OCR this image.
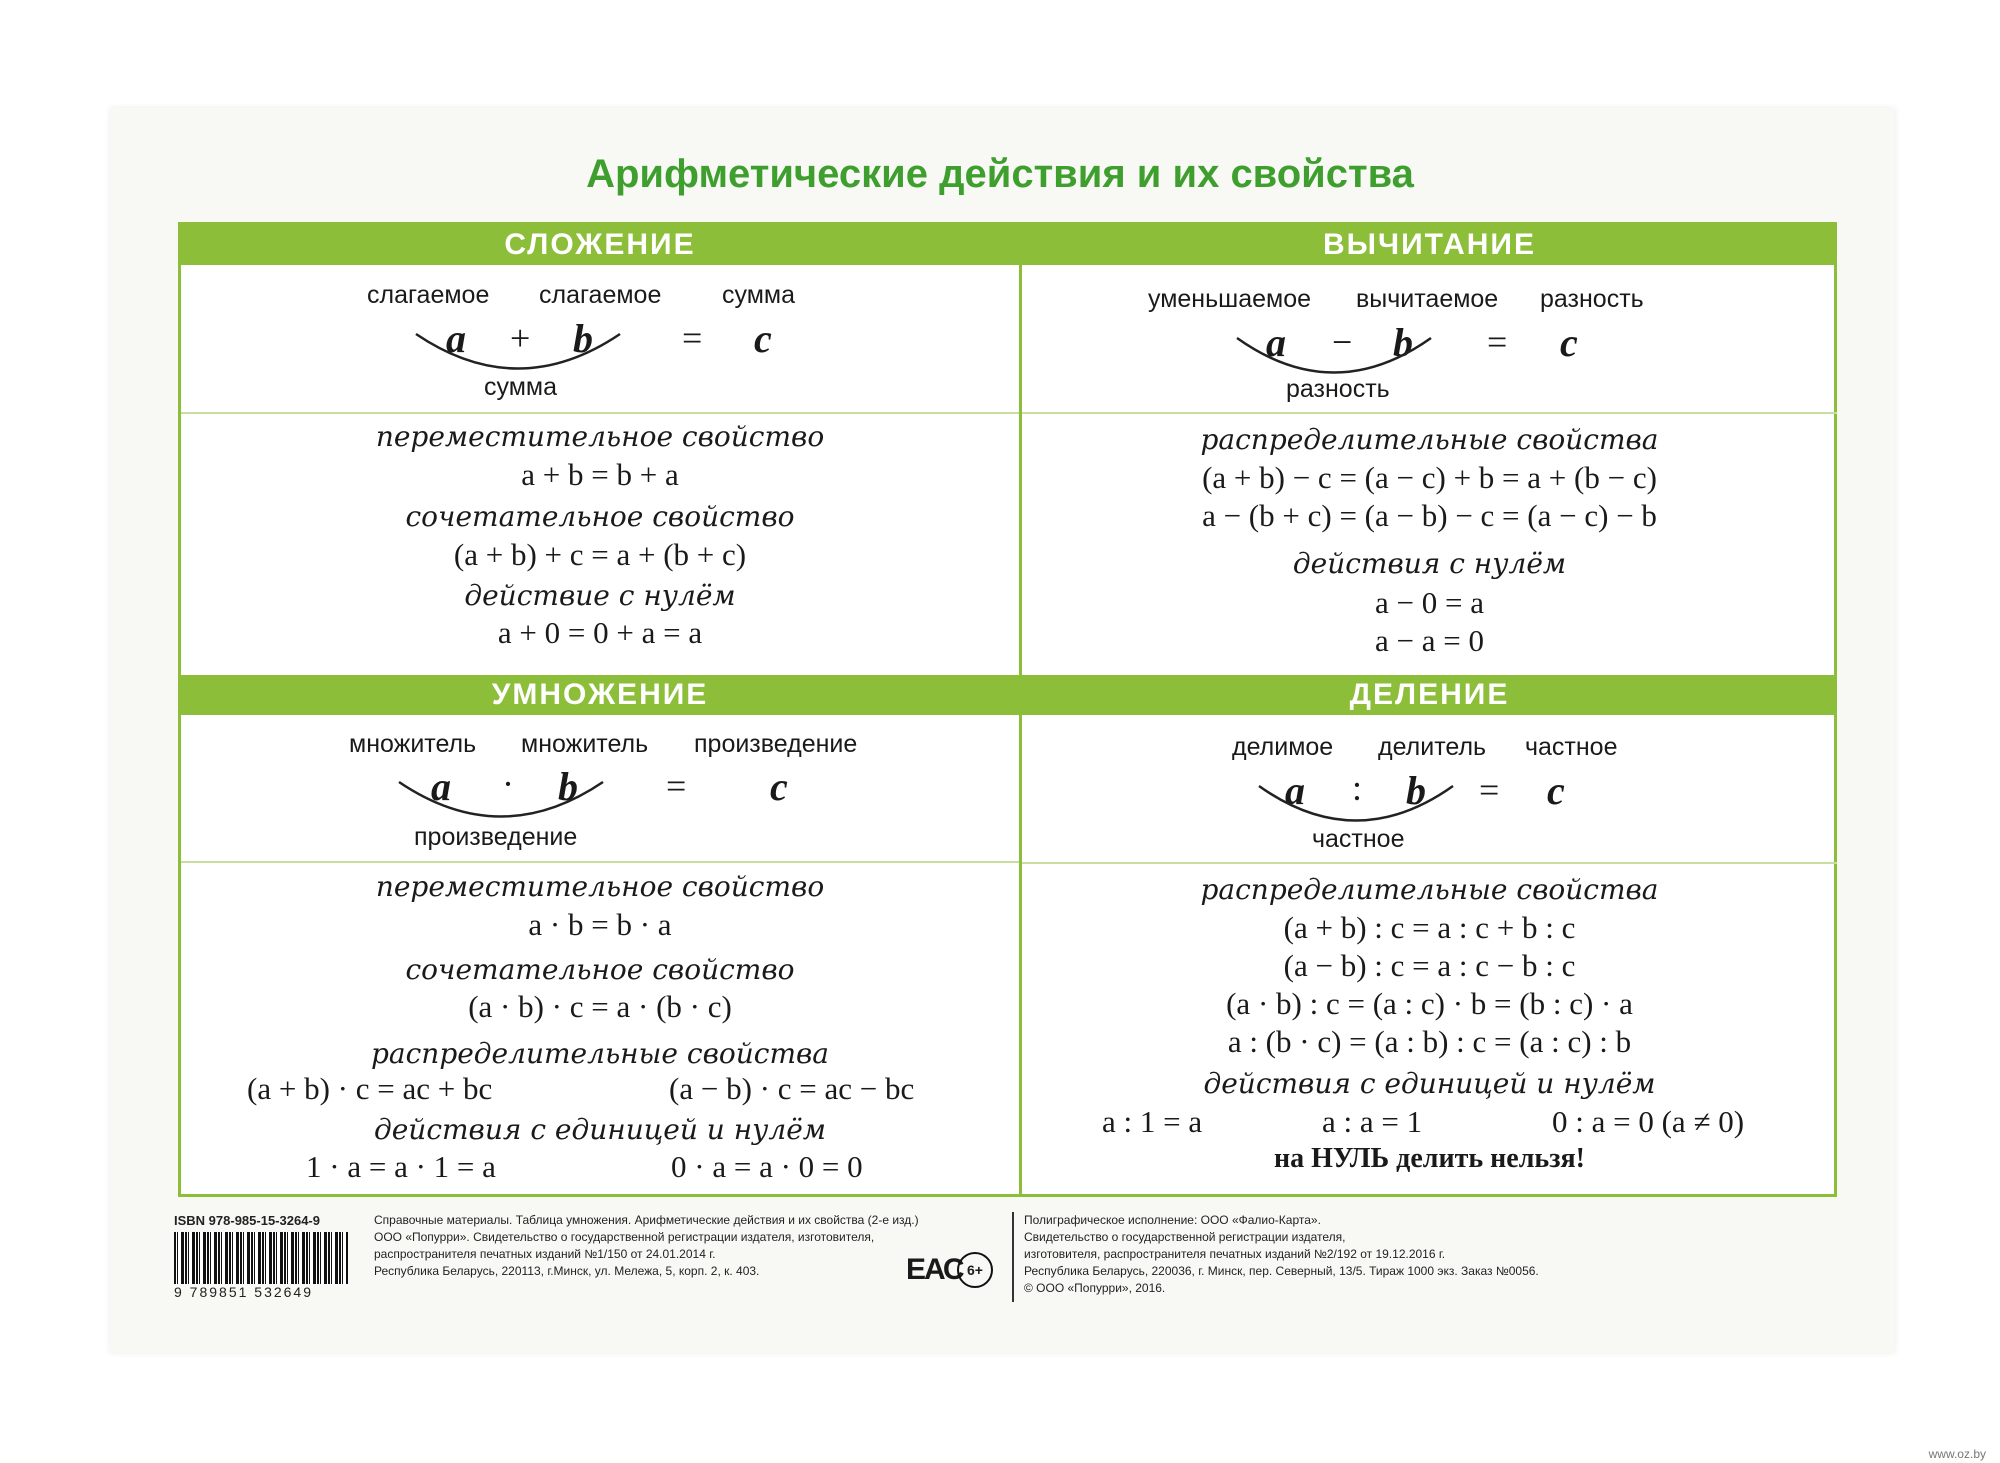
Арифметические действия и их свойства
СЛОЖЕНИЕ
слагаемое слагаемое сумма
a + b = c
сумма
переместительное свойство
a + b = b + a
сочетательное свойство
(a + b) + c = a + (b + c)
действие с нулём
a + 0 = 0 + a = a
ВЫЧИТАНИЕ
уменьшаемое вычитаемое разность
a − b = c
разность
распределительные свойства
(a + b) − c = (a − c) + b = a + (b − c)
a − (b + c) = (a − b) − c = (a − c) − b
действия с нулём
a − 0 = a
a − a = 0
УМНОЖЕНИЕ
множитель множитель произведение
a · b = c
произведение
переместительное свойство
a · b = b · a
сочетательное свойство
(a · b) · c = a · (b · c)
распределительные свойства
(a + b) · c = ac + bc	(a − b) · c = ac − bc
действия с единицей и нулём
1 · a = a · 1 = a	0 · a = a · 0 = 0
ДЕЛЕНИЕ
делимое делитель частное
a : b = c
частное
распределительные свойства
(a + b) : c = a : c + b : c
(a − b) : c = a : c − b : c
(a · b) : c = (a : c) · b = (b : c) · a
a : (b · c) = (a : b) : c = (a : c) : b
действия с единицей и нулём
a : 1 = a	a : a = 1	0 : a = 0 (a ≠ 0)
на НУЛЬ делить нельзя!
ISBN 978-985-15-3264-9
9 789851 532649
Справочные материалы. Таблица умножения. Арифметические действия и их свойства (2-е изд.)
ООО «Попурри». Свидетельство о государственной регистрации издателя, изготовителя,
распространителя печатных изданий №1/150 от 24.01.2014 г.
Республика Беларусь, 220113, г.Минск, ул. Мележа, 5, корп. 2, к. 403.	ЕАС 6+
Полиграфическое исполнение: ООО «Фалио-Карта».
Свидетельство о государственной регистрации издателя,
изготовителя, распространителя печатных изданий №2/192 от 19.12.2016 г.
Республика Беларусь, 220036, г. Минск, пер. Северный, 13/5. Тираж 1000 экз. Заказ №0056.
© ООО «Попурри», 2016.
www.oz.by
